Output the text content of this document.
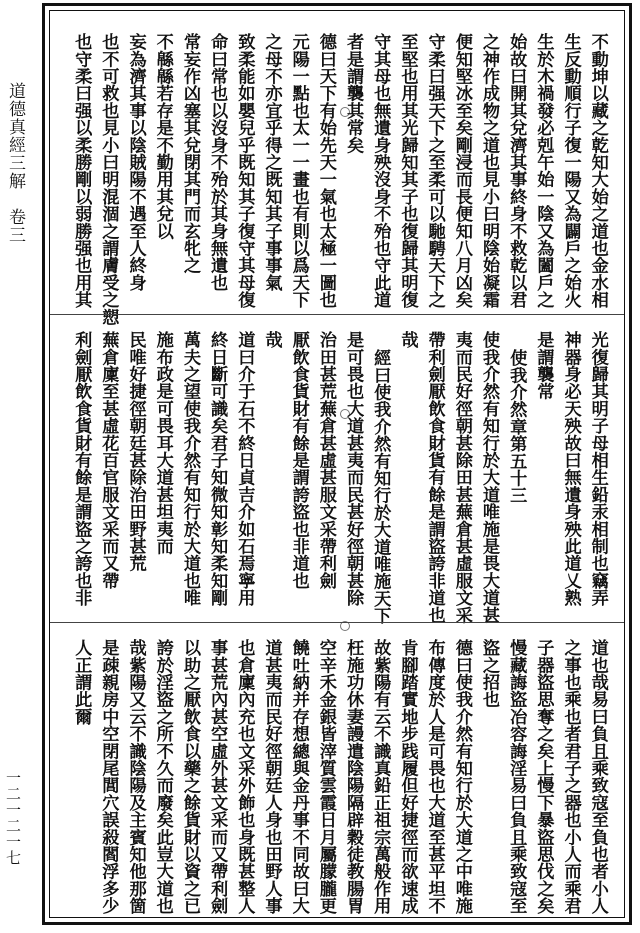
道德真經三解　卷三
一二一二一七
不動坤以藏之乾知大始之道也金水相
生反動順行子復一陽又為闢戶之始火
生於木禍發必剋午始一陰又為闔戶之
始故曰開其兌濟其事終身不救乾以君
之神作成物之道也見小曰明陰始凝霜
便知堅冰至矣剛浸而長便知八月凶矣
守柔曰强天下之至柔可以馳騁天下之
至堅也用其光歸知其子也復歸其明復
守其母也無遺身殃沒身不殆也守此道
者是謂襲其常矣
德曰天下有始先天一氣也太極一圖也
元陽一點也太一一畫也有則以爲天下
之母不亦宜乎得之既知其子事事氣
致柔能如嬰兒乎既知其子復守其母復
命曰常也以沒身不殆於其身無遺也
常妄作凶塞其兌閉其門而玄牝之
不緜緜若存是不勤用其兌以
妄為濟其事以陰賊陽不遇至人終身
也不可救也見小曰明混涸之謂膚受之愬
也守柔曰强以柔勝剛以弱勝强也用其
光復歸其明子母相生鉛汞相制也竊弄
神器身必天殃故曰無遺身殃此道乂熟
是謂襲常
使我介然章第五十三
使我介然有知行於大道唯施是畏大道甚
夷而民好徑朝甚除田甚蕪倉甚虛服文采
帶利劍厭飲食財貨有餘是謂盜誇非道也
哉
經曰使我介然有知行於大道唯施天下
是可畏也大道甚夷而民甚好徑朝甚除
治田甚荒蕪倉甚虛甚服文采帶利劍
厭飲食貨財有餘是謂誇盜也非道也
哉
道曰介于石不終日貞吉介如石焉寧用
終日斷可識矣君子知微知彰知柔知剛
萬夫之望使我介然有知行於大道也唯
施布政是可畏耳大道甚坦夷而
民唯好捷徑朝廷甚除治田野甚荒
蕪倉廩至甚虛花百官服文采而又帶
利劍厭飲食貨財有餘是謂盜之誇也非
道也哉易曰負且乘致寇至負也者小人
之事也乘也者君子之器也小人而乘君
子器盜思奪之矣上慢下暴盜思伐之矣
慢藏誨盜冶容誨淫易曰負且乘致寇至
盜之招也
德曰使我介然有知行於大道之中唯施
布傳度於人是可畏也大道至甚平坦不
肯腳踏實地步践履但好捷徑而欲速成
故紫陽有云不識真鉛正祖宗萬般作用
枉施功休妻謾遣陰陽隔辟穀徒教腸胃
空辛禾金銀皆滓質雲霞日月屬朦朧更
饒吐納并存想總與金丹事不同故曰大
道甚夷而民好徑朝廷人身也田野人事
也倉廩內充也文采外飾也身既甚整人
事甚荒內甚空虛外甚文采而又帶利劍
以助之厭飲食以藥之餘貨財以資之已
誇於淫盜之所不久而廢矣此豈大道也
哉紫陽又云不識陰陽及主賓知他那箇
是疎親房中空閉尾閭穴誤殺閻浮多少
人正謂此爾
